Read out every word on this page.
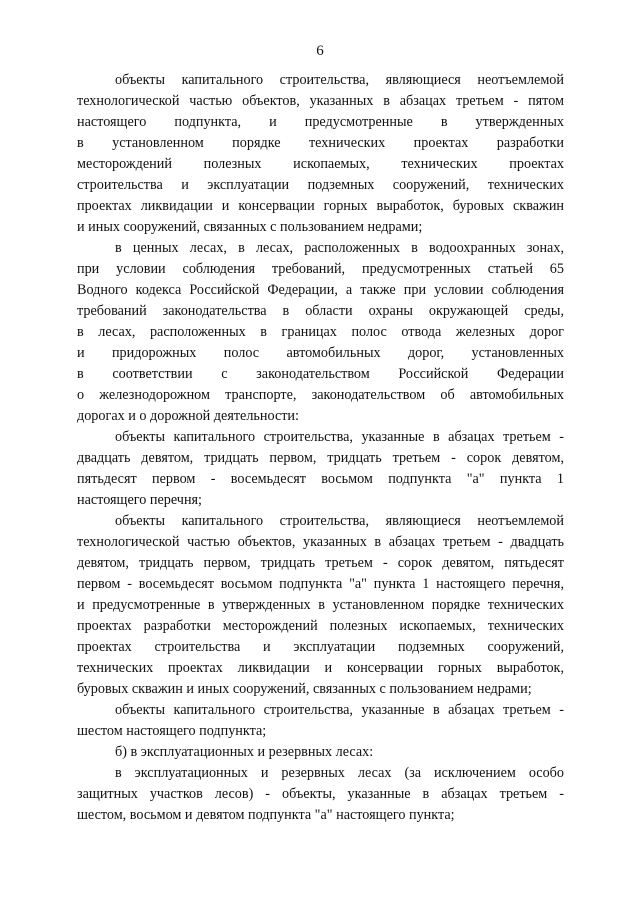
6
объекты капитального строительства, являющиеся неотъемлемой
технологической частью объектов, указанных в абзацах третьем - пятом
настоящего подпункта, и предусмотренные в утвержденных
в установленном порядке технических проектах разработки
месторождений полезных ископаемых, технических проектах
строительства и эксплуатации подземных сооружений, технических
проектах ликвидации и консервации горных выработок, буровых скважин
и иных сооружений, связанных с пользованием недрами;
в ценных лесах, в лесах, расположенных в водоохранных зонах,
при условии соблюдения требований, предусмотренных статьей 65
Водного кодекса Российской Федерации, а также при условии соблюдения
требований законодательства в области охраны окружающей среды,
в лесах, расположенных в границах полос отвода железных дорог
и придорожных полос автомобильных дорог, установленных
в соответствии с законодательством Российской Федерации
о железнодорожном транспорте, законодательством об автомобильных
дорогах и о дорожной деятельности:
объекты капитального строительства, указанные в абзацах третьем -
двадцать девятом, тридцать первом, тридцать третьем - сорок девятом,
пятьдесят первом - восемьдесят восьмом подпункта "а" пункта 1
настоящего перечня;
объекты капитального строительства, являющиеся неотъемлемой
технологической частью объектов, указанных в абзацах третьем - двадцать
девятом, тридцать первом, тридцать третьем - сорок девятом, пятьдесят
первом - восемьдесят восьмом подпункта "а" пункта 1 настоящего перечня,
и предусмотренные в утвержденных в установленном порядке технических
проектах разработки месторождений полезных ископаемых, технических
проектах строительства и эксплуатации подземных сооружений,
технических проектах ликвидации и консервации горных выработок,
буровых скважин и иных сооружений, связанных с пользованием недрами;
объекты капитального строительства, указанные в абзацах третьем -
шестом настоящего подпункта;
б) в эксплуатационных и резервных лесах:
в эксплуатационных и резервных лесах (за исключением особо
защитных участков лесов) - объекты, указанные в абзацах третьем -
шестом, восьмом и девятом подпункта "а" настоящего пункта;
